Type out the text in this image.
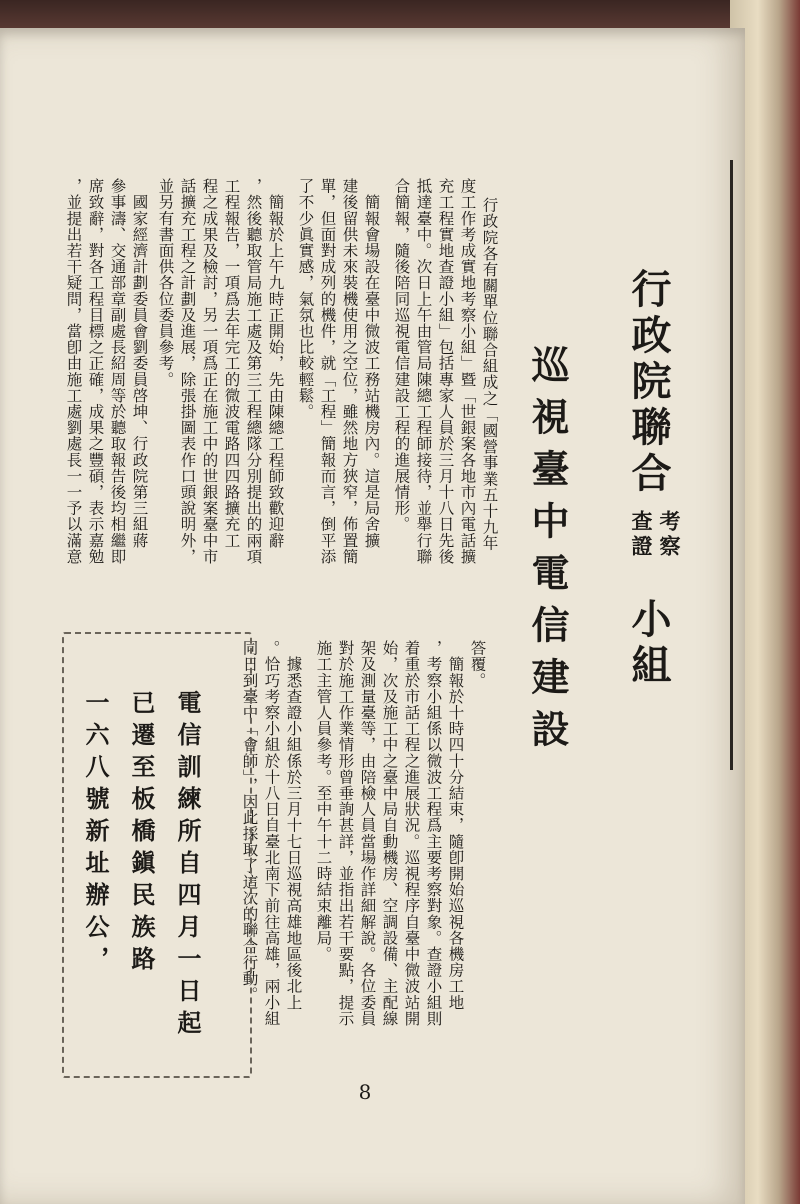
行政院聯合
考察
查證
小組
巡視臺中電信建設
行政院各有關單位聯合組成之「國營事業五十九年
度工作考成實地考察小組」暨「世銀案各地市內電話擴
充工程實地查證小組」包括專家人員於三月十八日先後
抵達臺中。次日上午由管局陳總工程師接待，並舉行聯
合簡報，隨後陪同巡視電信建設工程的進展情形。
　簡報會場設在臺中微波工務站機房內。這是局舍擴
建後留供未來裝機使用之空位，雖然地方狹窄，佈置簡
單，但面對成列的機件，就「工程」簡報而言，倒平添
了不少眞實感，氣氛也比較輕鬆。
　簡報於上午九時正開始，先由陳總工程師致歡迎辭
，然後聽取管局施工處及第三工程總隊分別提出的兩項
工程報告，一項爲去年完工的微波電路四四路擴充工
程之成果及檢討，另一項爲正在施工中的世銀案臺中市
話擴充工程之計劃及進展，除張掛圖表作口頭說明外，
並另有書面供各位委員參考。
　國家經濟計劃委員會劉委員啓坤、行政院第三組蔣
參事濤、交通部章副處長紹周等於聽取報告後均相繼即
席致辭，對各工程目標之正確，成果之豐碩，表示嘉勉
，並提出若干疑問，當卽由施工處劉處長一一予以滿意
答覆。
　簡報於十時四十分結束，隨卽開始巡視各機房工地
，考察小組係以微波工程爲主要考察對象。查證小組則
着重於市話工程之進展狀況。巡視程序自臺中微波站開
始，次及施工中之臺中局自動機房、空調設備、主配線
架及測量臺等，由陪檢人員當場作詳細解說。各位委員
對於施工作業情形曾垂詢甚詳，並指出若干要點，提示
施工主管人員參考。至中午十二時結束離局。
　據悉查證小組係於三月十七日巡視高雄地區後北上
。恰巧考察小組於十八日自臺北南下前往高雄，兩小組
同日到臺中「會師」，因此採取了這次的聯合行動。
電信訓練所自四月一日起
已遷至板橋鎭民族路
一六八號新址辦公，
8
